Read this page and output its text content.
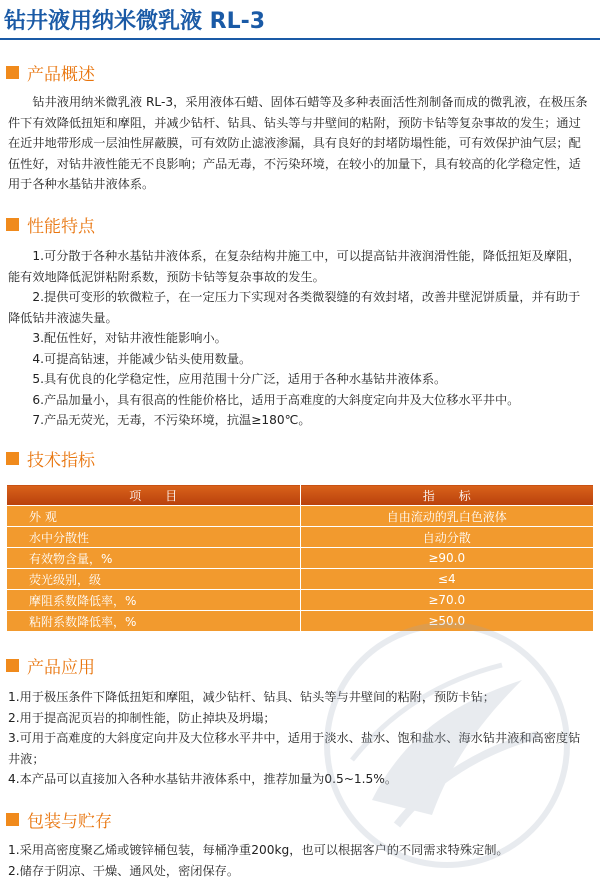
钻井液用纳米微乳液 RL-3
产品概述

钻井液用纳米微乳液 RL-3，采用液体石蜡、固体石蜡等及多种表面活性剂制备而成的微乳液，在极压条件下有效降低扭矩和摩阻，并减少钻杆、钻具、钻头等与井壁间的粘附，预防卡钻等复杂事故的发生；通过在近井地带形成一层油性屏蔽膜，可有效防止滤液渗漏，具有良好的封堵防塌性能，可有效保护油气层；配伍性好，对钻井液性能无不良影响；产品无毒，不污染环境，在较小的加量下，具有较高的化学稳定性，适用于各种水基钻井液体系。

性能特点

1.可分散于各种水基钻井液体系，在复杂结构井施工中，可以提高钻井液润滑性能，降低扭矩及摩阻，能有效地降低泥饼粘附系数，预防卡钻等复杂事故的发生。

2.提供可变形的软微粒子，在一定压力下实现对各类微裂缝的有效封堵，改善井壁泥饼质量，并有助于降低钻井液滤失量。

3.配伍性好，对钻井液性能影响小。

4.可提高钻速，并能减少钻头使用数量。

5.具有优良的化学稳定性，应用范围十分广泛，适用于各种水基钻井液体系。

6.产品加量小，具有很高的性能价格比，适用于高难度的大斜度定向井及大位移水平井中。

7.产品无荧光，无毒，不污染环境，抗温≥180℃。

技术指标
项　　目	指　　标
外 观	自由流动的乳白色液体
水中分散性	自动分散
有效物含量，%	≥90.0
荧光级别，级	≤4
摩阻系数降低率，%	≥70.0
粘附系数降低率，%	≥50.0
产品应用

1.用于极压条件下降低扭矩和摩阻，减少钻杆、钻具、钻头等与井壁间的粘附，预防卡钻；

2.用于提高泥页岩的抑制性能，防止掉块及坍塌；

3.可用于高难度的大斜度定向井及大位移水平井中，适用于淡水、盐水、饱和盐水、海水钻井液和高密度钻井液；

4.本产品可以直接加入各种水基钻井液体系中，推荐加量为0.5~1.5%。

包装与贮存

1.采用高密度聚乙烯或镀锌桶包装，每桶净重200kg，也可以根据客户的不同需求特殊定制。

2.储存于阴凉、干燥、通风处，密闭保存。
